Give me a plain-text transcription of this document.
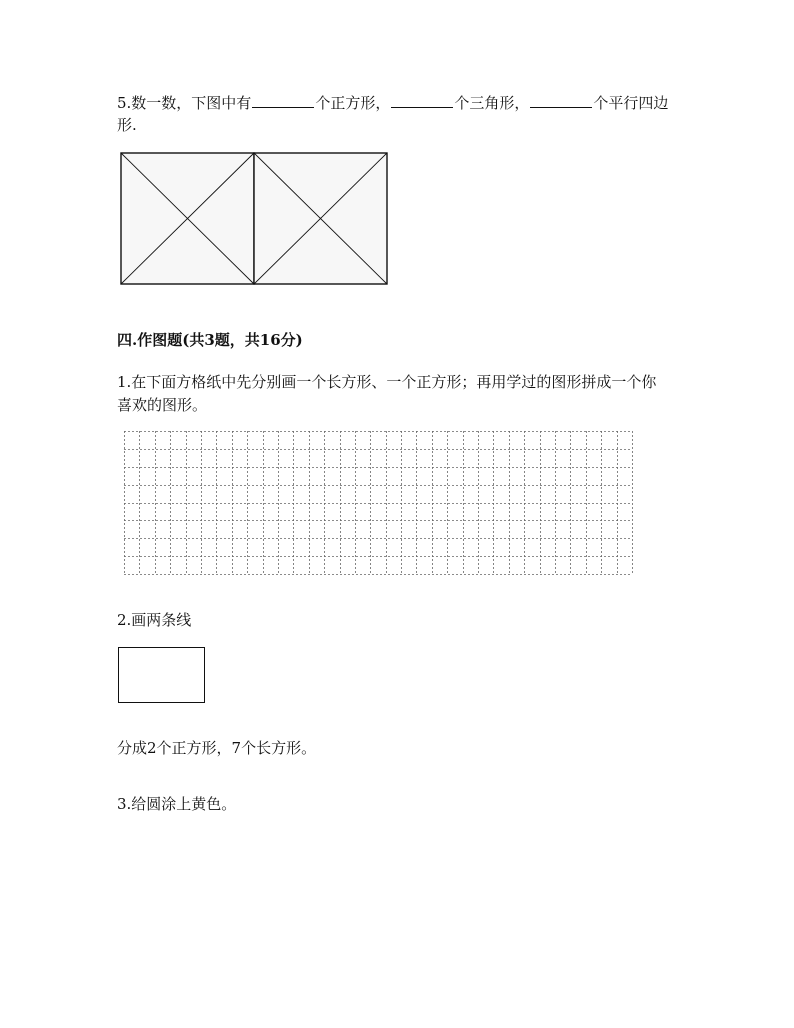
5.数一数，下图中有	个正方形，	个三角形，	个平行四边
形.
四.作图题(共3题，共16分)
1.在下面方格纸中先分别画一个长方形、一个正方形；再用学过的图形拼成一个你
喜欢的图形。
2.画两条线
分成2个正方形，7个长方形。
3.给圆涂上黄色。
